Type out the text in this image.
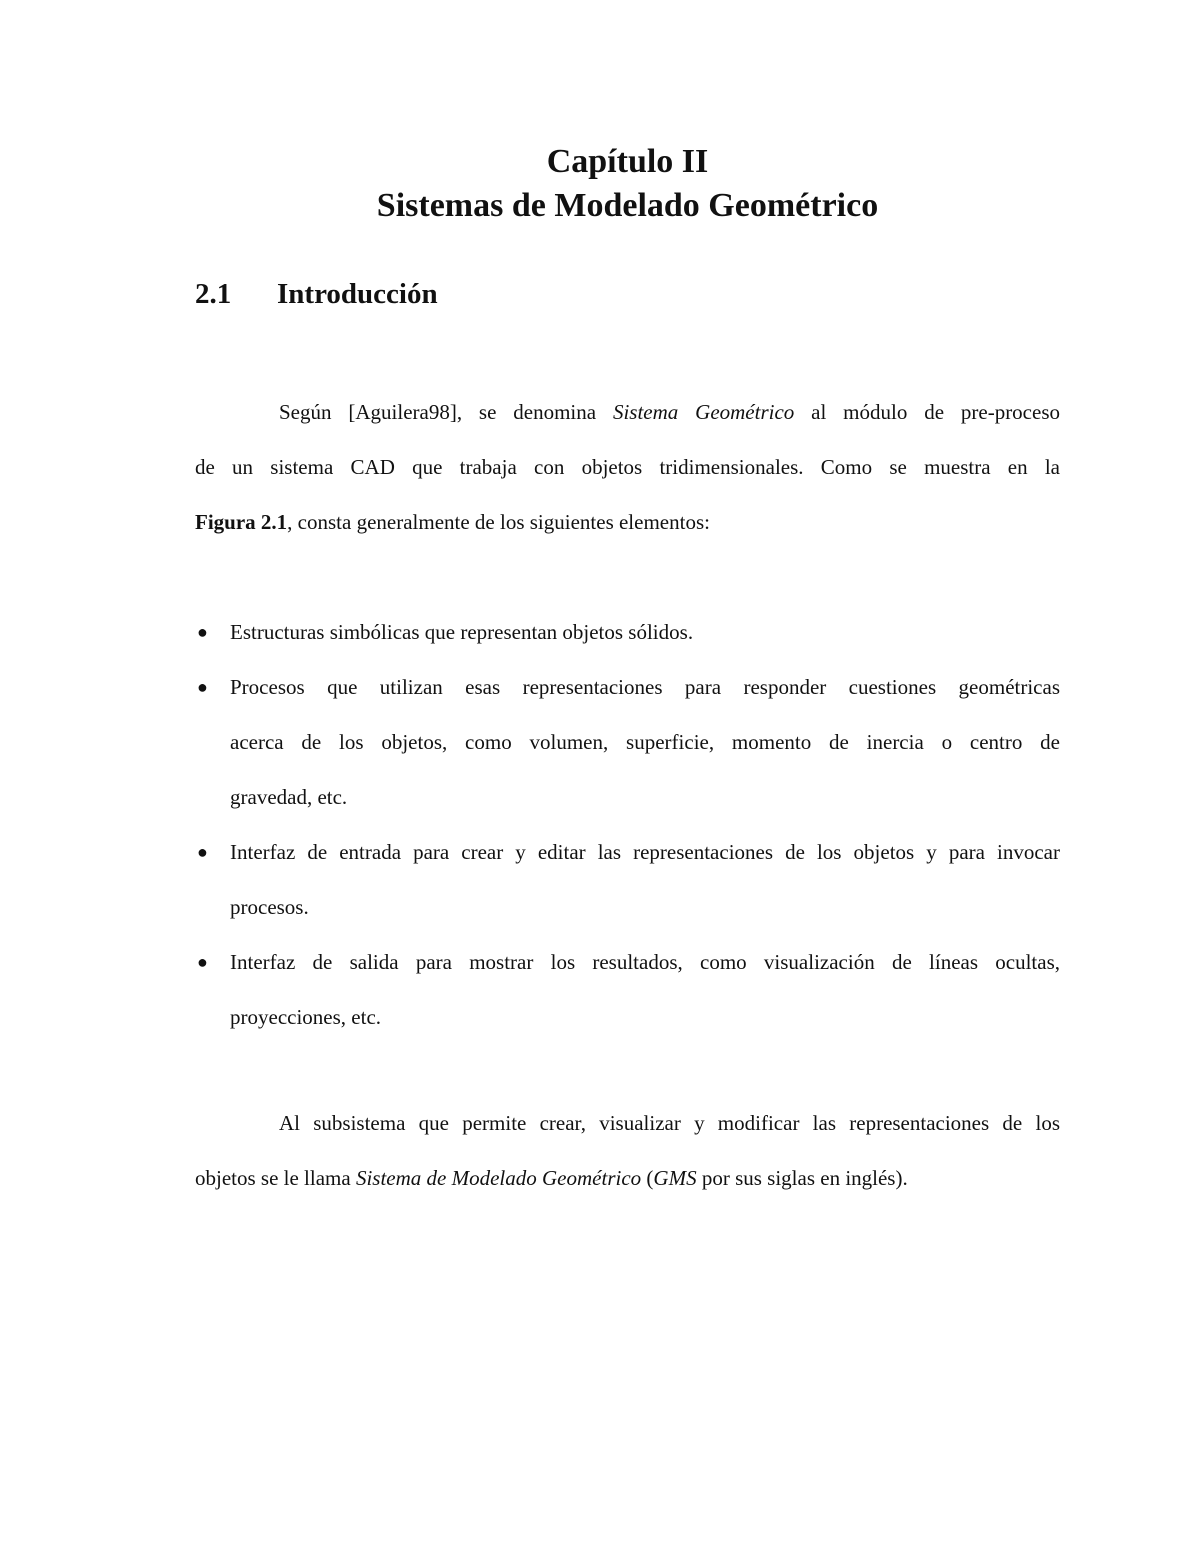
Capítulo II
Sistemas de Modelado Geométrico
2.1 Introducción
Según [Aguilera98], se denomina Sistema Geométrico al módulo de pre-proceso
de un sistema CAD que trabaja con objetos tridimensionales. Como se muestra en la
Figura 2.1, consta generalmente de los siguientes elementos:
● Estructuras simbólicas que representan objetos sólidos.
● Procesos que utilizan esas representaciones para responder cuestiones geométricas
acerca de los objetos, como volumen, superficie, momento de inercia o centro de
gravedad, etc.
● Interfaz de entrada para crear y editar las representaciones de los objetos y para invocar
procesos.
● Interfaz de salida para mostrar los resultados, como visualización de líneas ocultas,
proyecciones, etc.
Al subsistema que permite crear, visualizar y modificar las representaciones de los
objetos se le llama Sistema de Modelado Geométrico (GMS por sus siglas en inglés).
